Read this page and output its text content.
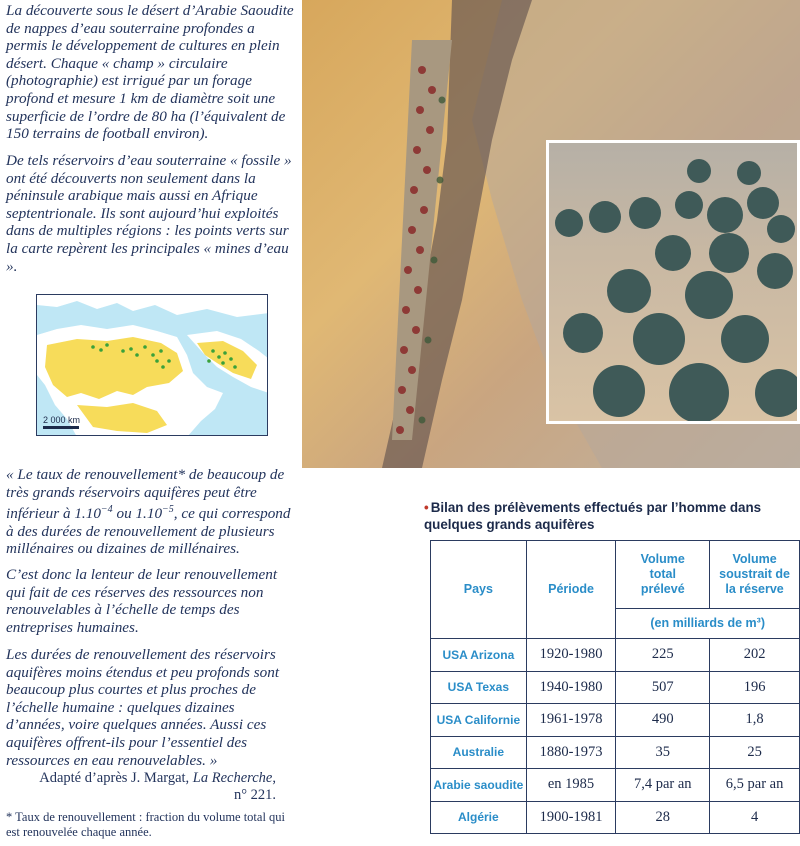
La découverte sous le désert d’Arabie Saoudite de nappes d’eau souterraine profondes a permis le développement de cultures en plein désert. Chaque « champ » circulaire (photographie) est irrigué par un forage profond et mesure 1 km de diamètre soit une superficie de l’ordre de 80 ha (l’équivalent de 150 terrains de football environ).

De tels réservoirs d’eau souterraine « fossile » ont été découverts non seulement dans la péninsule arabique mais aussi en Afrique septentrionale. Ils sont aujourd’hui exploités dans de multiples régions : les points verts sur la carte repèrent les principales « mines d’eau ».

2 000 km

« Le taux de renouvellement* de beaucoup de très grands réservoirs aquifères peut être inférieur à $1.10^{-4}$ ou $1.10^{-5}$, ce qui correspond à des durées de renouvellement de plusieurs millénaires ou dizaines de millénaires.

C’est donc la lenteur de leur renouvellement qui fait de ces réserves des ressources non renouvelables à l’échelle de temps des entreprises humaines.

Les durées de renouvellement des réservoirs aquifères moins étendus et peu profonds sont beaucoup plus courtes et plus proches de l’échelle humaine : quelques dizaines d’années, voire quelques années. Aussi ces aquifères offrent-ils pour l’essentiel des ressources en eau renouvelables. »

Adapté d’après J. Margat, La Recherche,
n° 221.

* Taux de renouvellement : fraction du volume total qui est renouvelée chaque année.

• Bilan des prélèvements effectués par l’homme dans quelques grands aquifères
Pays	Période	Volume total prélevé	Volume soustrait de la réserve
		(en milliards de m³)	
USA Arizona	1920-1980	225	202
USA Texas	1940-1980	507	196
USA Californie	1961-1978	490	1,8
Australie	1880-1973	35	25
Arabie saoudite	en 1985	7,4 par an	6,5 par an
Algérie	1900-1981	28	4
